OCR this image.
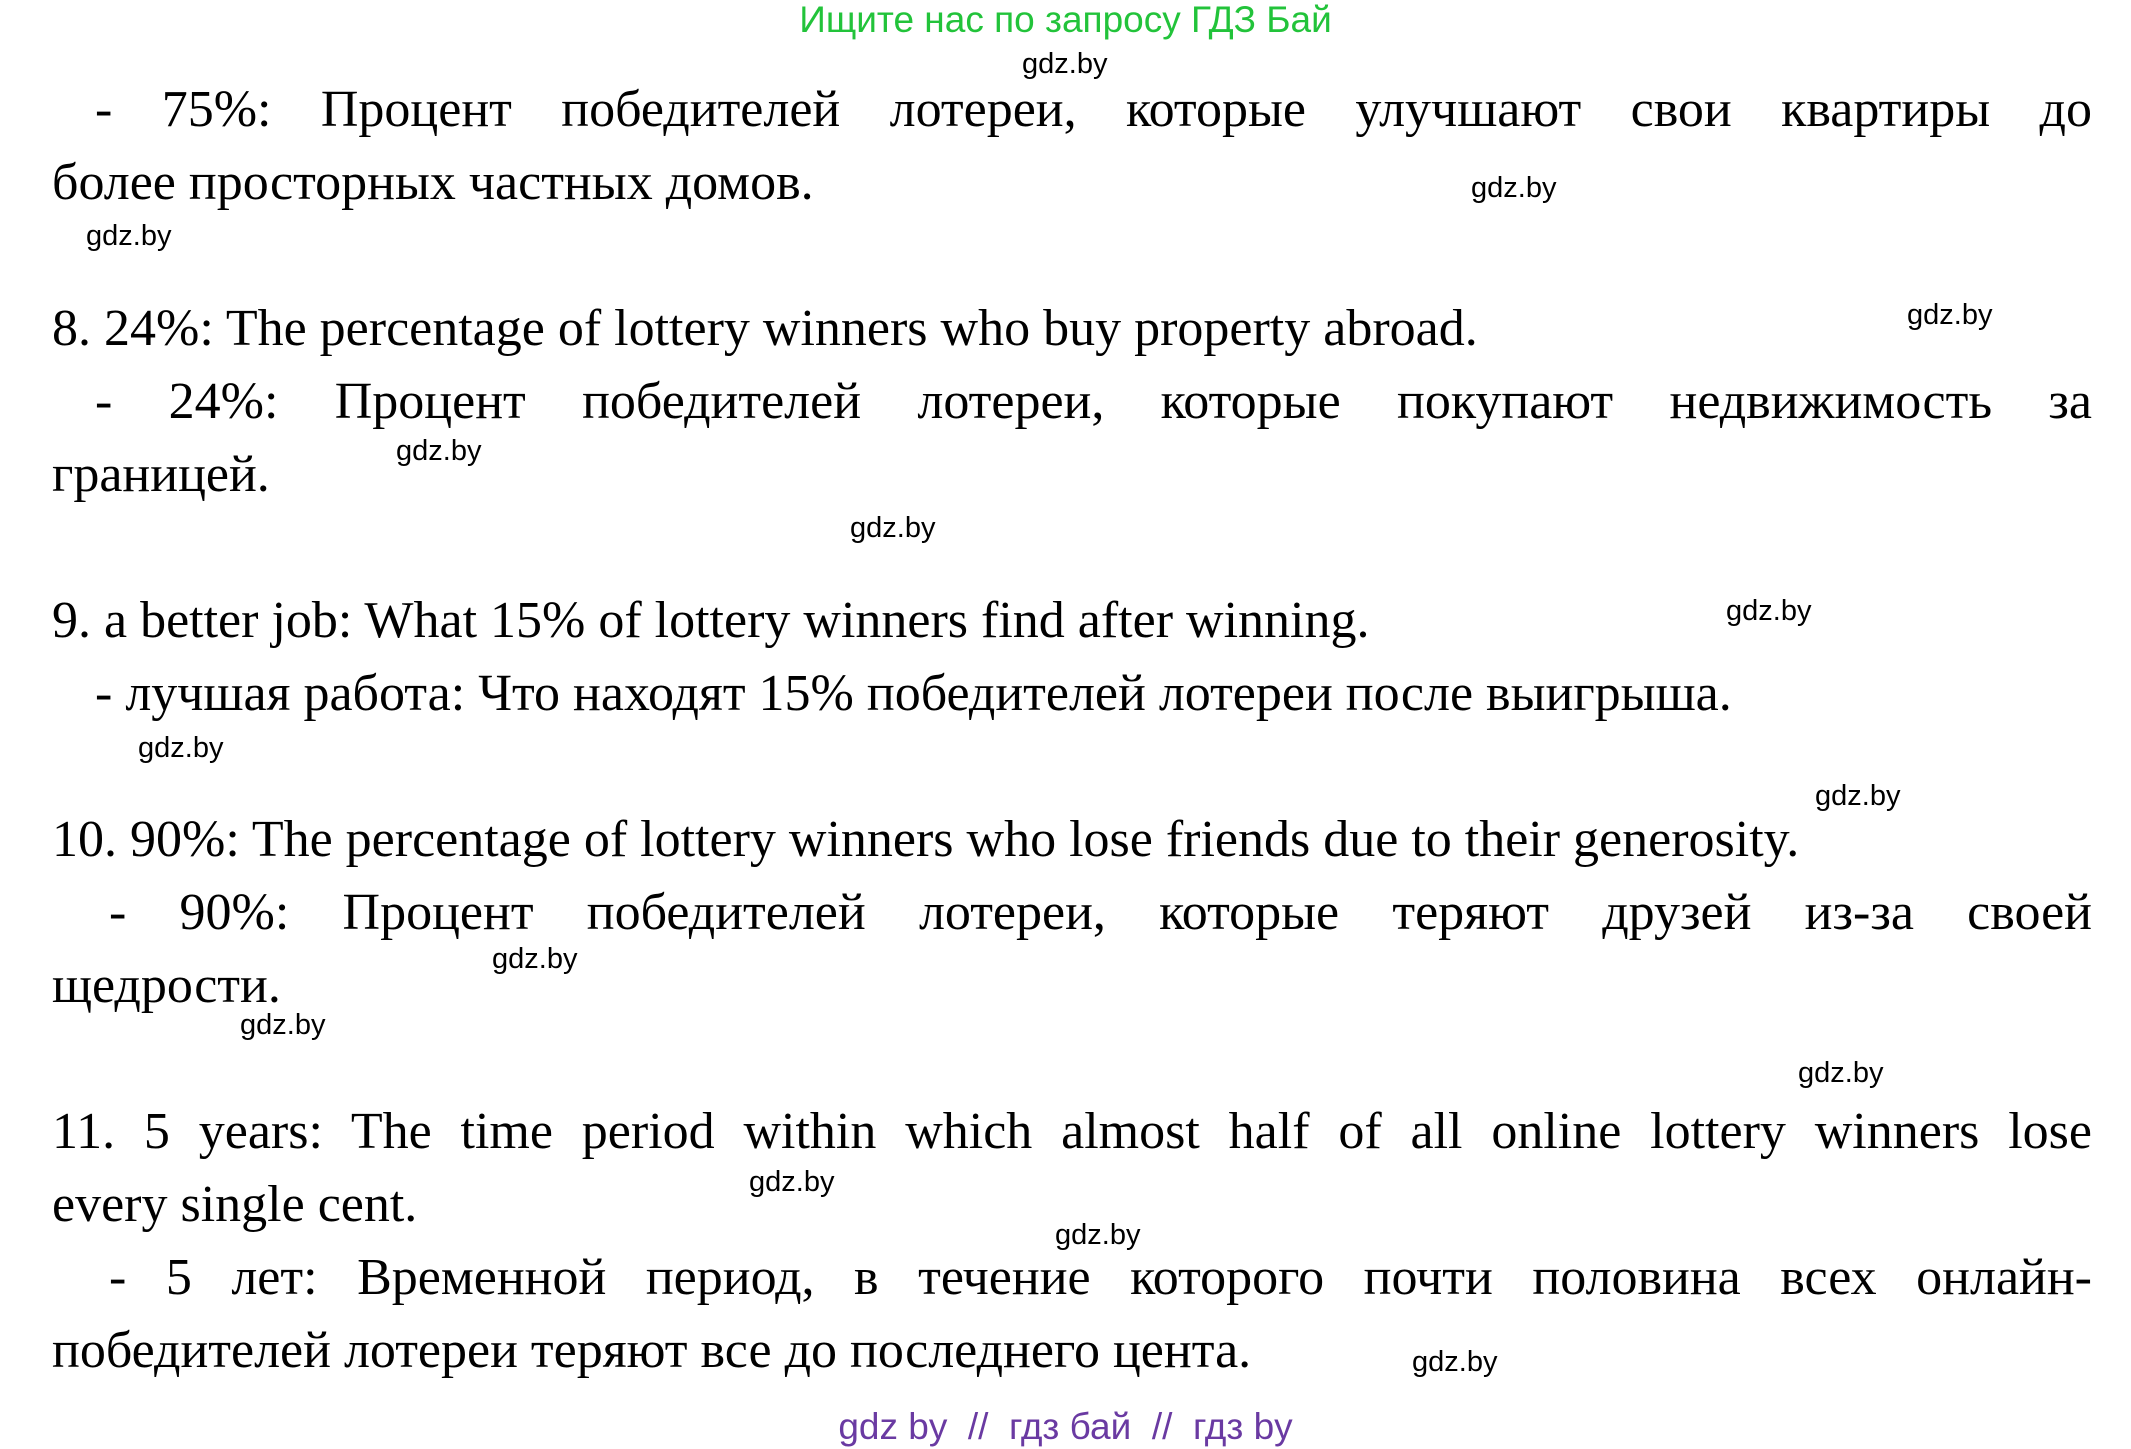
Ищите нас по запросу ГДЗ Бай
gdz.by
gdz.by
gdz.by
gdz.by
gdz.by
gdz.by
gdz.by
gdz.by
gdz.by
gdz.by
gdz.by
gdz.by
gdz.by
gdz.by
gdz.by
- 75%: Процент победителей лотереи, которые улучшают свои квартиры до
более просторных частных домов.
8. 24%: The percentage of lottery winners who buy property abroad.
- 24%: Процент победителей лотереи, которые покупают недвижимость за
границей.
9. a better job: What 15% of lottery winners find after winning.
- лучшая работа: Что находят 15% победителей лотереи после выигрыша.
10. 90%: The percentage of lottery winners who lose friends due to their generosity.
- 90%: Процент победителей лотереи, которые теряют друзей из-за своей
щедрости.
11. 5 years: The time period within which almost half of all online lottery winners lose
every single cent.
- 5 лет: Временной период, в течение которого почти половина всех онлайн-
победителей лотереи теряют все до последнего цента.
gdz by  //  гдз бай  //  гдз by
